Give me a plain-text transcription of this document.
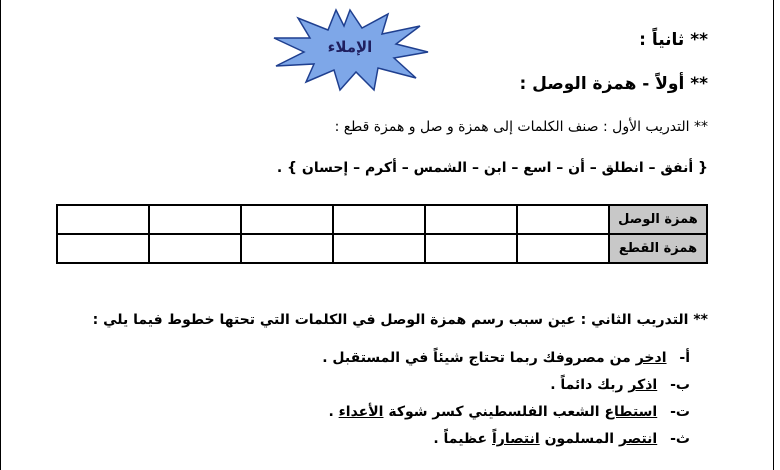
** ثانياً :
الإملاء
** أولاً - همزة الوصل :
** التدريب الأول : صنف الكلمات إلى همزة و صل و همزة قطع :
{ أنفق – انطلق – أن – اسع – ابن – الشمس – أكرم – إحسان } .
همزة الوصل						
همزة القطع						
** التدريب الثاني : عين سبب رسم همزة الوصل في الكلمات التي تحتها خطوط فيما يلي :
أ- ادخر من مصروفك ربما تحتاج شيئاً في المستقبل .
ب- اذكر ربك دائماً .
ت- استطاع الشعب الفلسطيني كسر شوكة الأعداء .
ث- انتصر المسلمون انتصاراً عظيماً .
